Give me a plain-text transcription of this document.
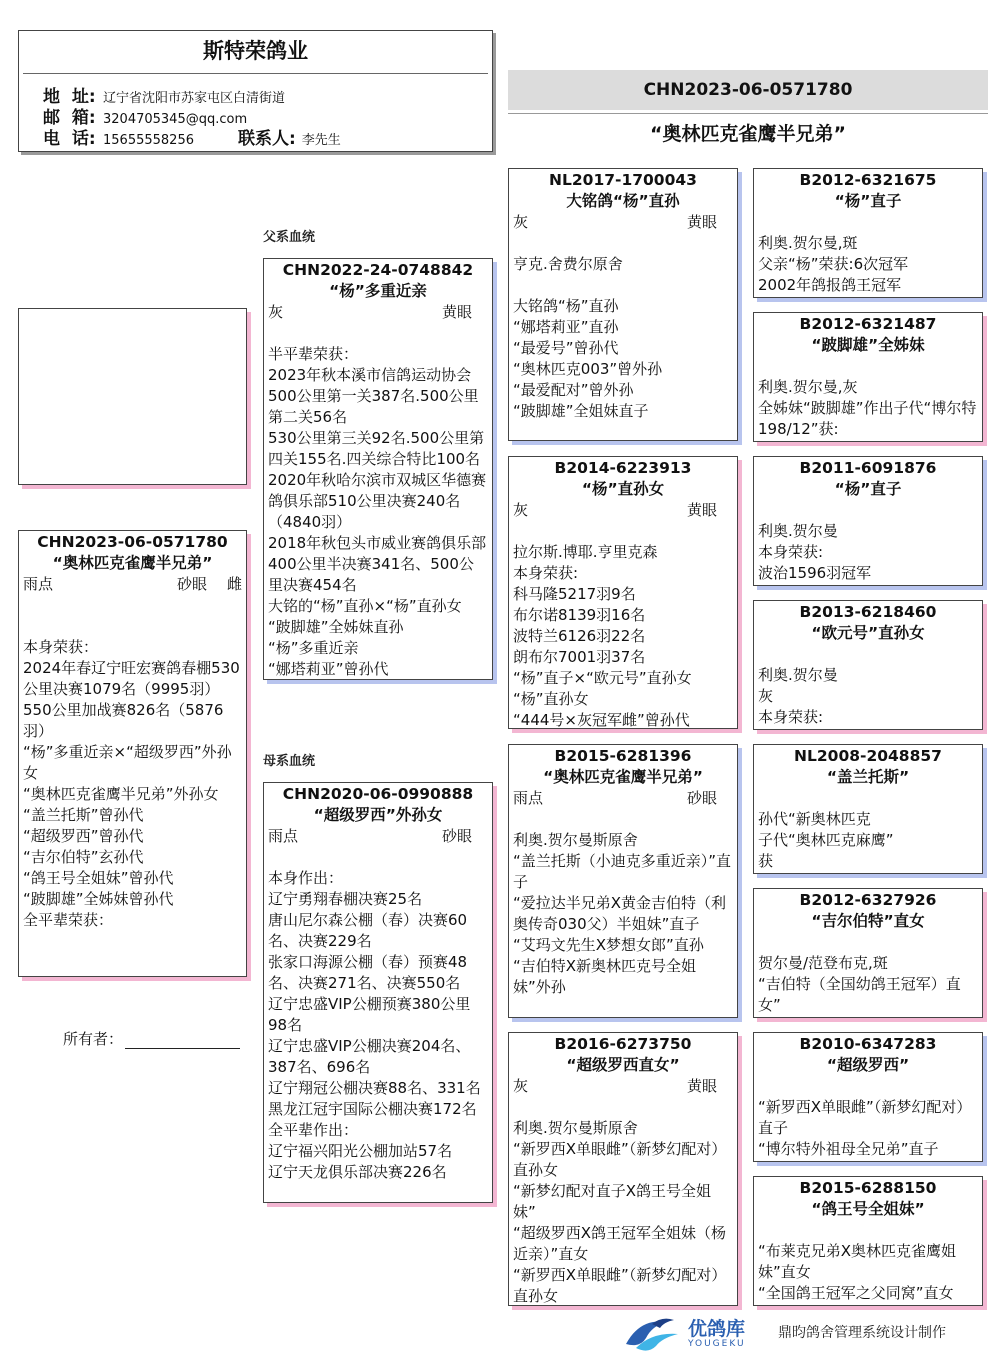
斯特荣鸽业
地  址: 辽宁省沈阳市苏家屯区白清街道
邮  箱: 3204705345@qq.com
电  话: 15655558256	联系人: 李先生
CHN2023-06-0571780
“奥林匹克雀鹰半兄弟”
父系血统
母系血统
CHN2023-06-0571780
“奥林匹克雀鹰半兄弟”
雨点	砂眼 雌
本身荣获：
2024年春辽宁旺宏赛鸽春棚530公里决赛1079名（9995羽）
550公里加战赛826名（5876羽）
“杨”多重近亲×“超级罗西”外孙女
“奥林匹克雀鹰半兄弟”外孙女
“盖兰托斯”曾孙代
“超级罗西”曾孙代
“吉尔伯特”玄孙代
“鸽王号全姐妹”曾孙代
“跛脚雄”全姊妹曾孙代
全平辈荣获：
所有者：
CHN2022-24-0748842
“杨”多重近亲
灰	黄眼
半平辈荣获：
2023年秋本溪市信鸽运动协会500公里第一关387名.500公里第二关56名
530公里第三关92名.500公里第四关155名.四关综合特比100名
2020年秋哈尔滨市双城区华德赛鸽俱乐部510公里决赛240名（4840羽）
2018年秋包头市威业赛鸽俱乐部400公里半决赛341名、500公里决赛454名
大铭的“杨”直孙×“杨”直孙女
“跛脚雄”全姊妹直孙
“杨”多重近亲
“娜塔莉亚”曾孙代
CHN2020-06-0990888
“超级罗西”外孙女
雨点	砂眼
本身作出：
辽宁勇翔春棚决赛25名
唐山尼尔森公棚（春）决赛60名、决赛229名
张家口海源公棚（春）预赛48名、决赛271名、决赛550名
辽宁忠盛VIP公棚预赛380公里98名
辽宁忠盛VIP公棚决赛204名、387名、696名
辽宁翔冠公棚决赛88名、331名
黑龙江冠宇国际公棚决赛172名
全平辈作出：
辽宁福兴阳光公棚加站57名
辽宁天龙俱乐部决赛226名
NL2017-1700043
大铭鸽“杨”直孙
灰	黄眼
亨克.舍费尔原舍
大铭鸽“杨”直孙
“娜塔莉亚”直孙
“最爱号”曾孙代
“奥林匹克003”曾外孙
“最爱配对”曾外孙
“跛脚雄”全姐妹直子
B2014-6223913
“杨”直孙女
灰	黄眼
拉尔斯.博耶.亨里克森
本身荣获:
科马隆5217羽9名
布尔诺8139羽16名
波特兰6126羽22名
朗布尔7001羽37名
“杨”直子×“欧元号”直孙女
“杨”直孙女
“444号×灰冠军雌”曾孙代
B2015-6281396
“奥林匹克雀鹰半兄弟”
雨点	砂眼
利奥.贺尔曼斯原舍
“盖兰托斯（小迪克多重近亲）”直子
“爱拉达半兄弟X黄金吉伯特（利奥传奇030父）半姐妹”直子
“艾玛文先生X梦想女郎”直孙
“吉伯特X新奥林匹克号全姐妹”外孙
B2016-6273750
“超级罗西直女”
灰	黄眼
利奥.贺尔曼斯原舍
“新罗西X单眼雌”（新梦幻配对）直孙女
“新梦幻配对直子X鸽王号全姐妹”
“超级罗西X鸽王冠军全姐妹（杨近亲）”直女
“新罗西X单眼雌”（新梦幻配对）直孙女
B2012-6321675
“杨”直子
利奥.贺尔曼,斑
父亲“杨”荣获:6次冠军
2002年鸽报鸽王冠军
B2012-6321487
“跛脚雄”全姊妹
利奥.贺尔曼,灰
全姊妹“跛脚雄”作出子代“博尔特198/12”获:
B2011-6091876
“杨”直子
利奥.贺尔曼
本身荣获:
波治1596羽冠军
B2013-6218460
“欧元号”直孙女
利奥.贺尔曼
灰
本身荣获:
NL2008-2048857
“盖兰托斯”
孙代“新奥林匹克
子代“奥林匹克麻鹰”
获
B2012-6327926
“吉尔伯特”直女
贺尔曼/范登布克,斑
“吉伯特（全国幼鸽王冠军）直女”
B2010-6347283
“超级罗西”
“新罗西X单眼雌”（新梦幻配对）直子
“博尔特外祖母全兄弟”直子
B2015-6288150
“鸽王号全姐妹”
“布莱克兄弟X奥林匹克雀鹰姐妹”直女
“全国鸽王冠军之父同窝”直女
优鸽库
YOUGEKU
鼎昀鸽舍管理系统设计制作
